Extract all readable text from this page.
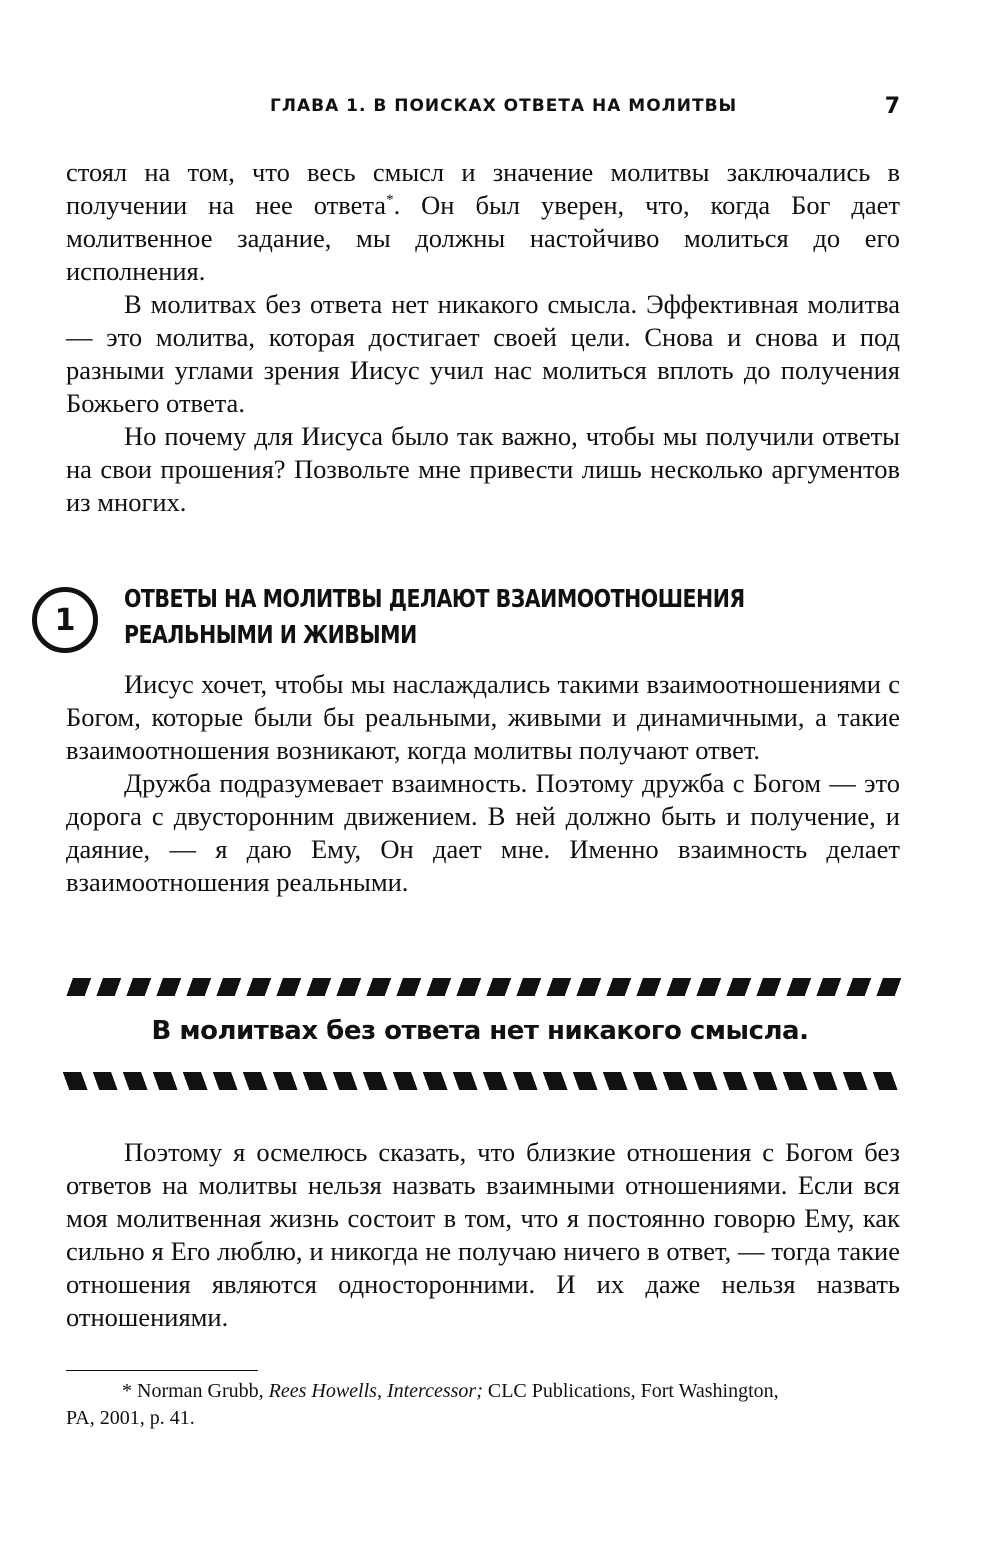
ГЛАВА 1. В ПОИСКАХ ОТВЕТА НА МОЛИТВЫ	7

стоял на том, что весь смысл и значение молитвы заключались в получении на нее ответа*. Он был уверен, что, когда Бог дает молитвенное задание, мы должны настойчиво молиться до его исполнения.

В молитвах без ответа нет никакого смысла. Эффективная молитва — это молитва, которая достигает своей цели. Снова и снова и под разными углами зрения Иисус учил нас молиться вплоть до получения Божьего ответа.

Но почему для Иисуса было так важно, чтобы мы получили ответы на свои прошения? Позвольте мне привести лишь несколько аргументов из многих.

1
ОТВЕТЫ НА МОЛИТВЫ ДЕЛАЮТ ВЗАИМООТНОШЕНИЯ
РЕАЛЬНЫМИ И ЖИВЫМИ

Иисус хочет, чтобы мы наслаждались такими взаимоотношениями с Богом, которые были бы реальными, живыми и динамичными, а такие взаимоотношения возникают, когда молитвы получают ответ.

Дружба подразумевает взаимность. Поэтому дружба с Богом — это дорога с двусторонним движением. В ней должно быть и получение, и даяние, — я даю Ему, Он дает мне. Именно взаимность делает взаимоотношения реальными.

В молитвах без ответа нет никакого смысла.

Поэтому я осмелюсь сказать, что близкие отношения с Богом без ответов на молитвы нельзя назвать взаимными отношениями. Если вся моя молитвенная жизнь состоит в том, что я постоянно говорю Ему, как сильно я Его люблю, и никогда не получаю ничего в ответ, — тогда такие отношения являются односторонними. И их даже нельзя назвать отношениями.

* Norman Grubb, Rees Howells, Intercessor; CLC Publications, Fort Washington,
PA, 2001, p. 41.
